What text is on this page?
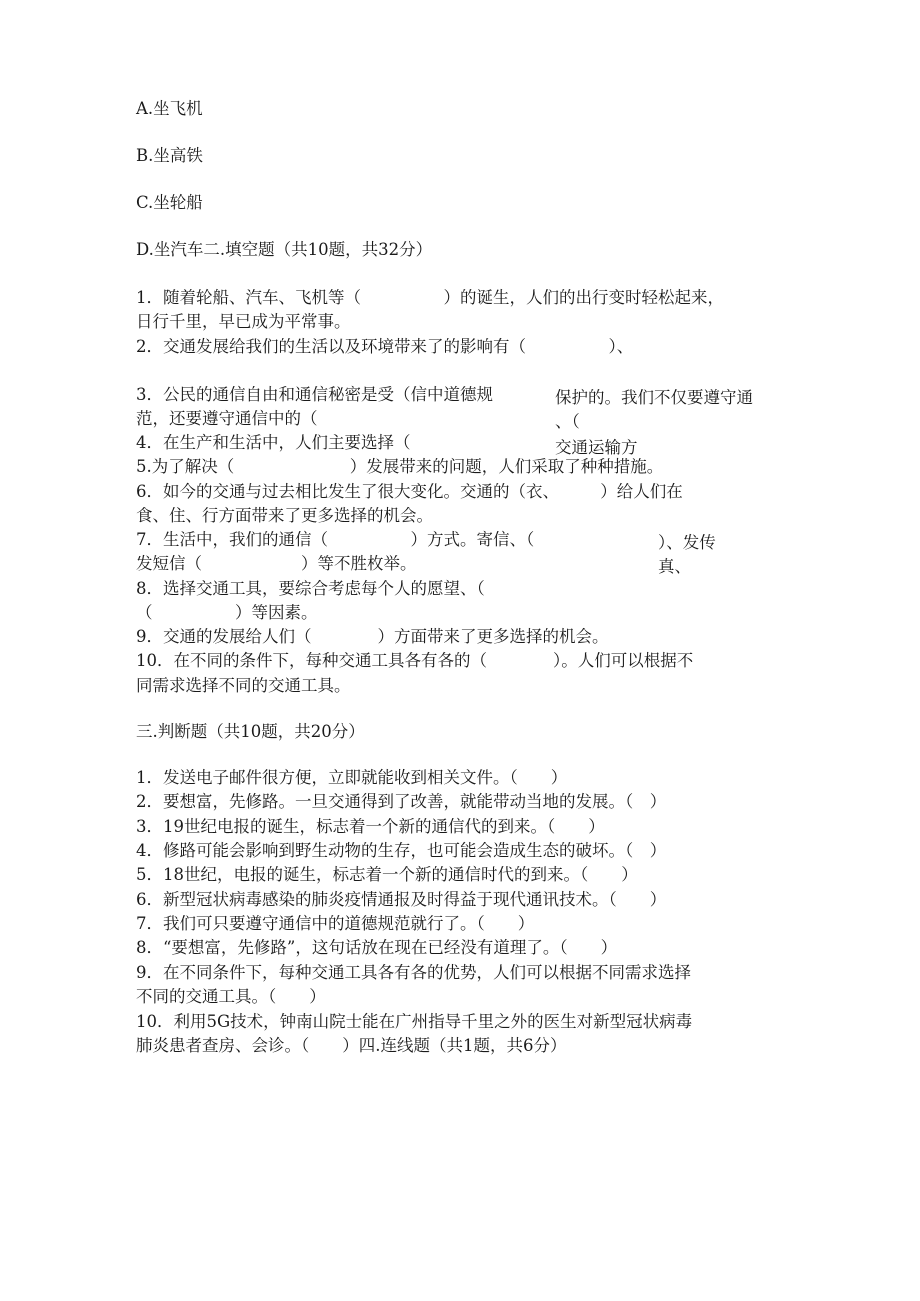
A.坐飞机
B.坐高铁
C.坐轮船
D.坐汽车二.填空题（共10题，共32分）
1．随着轮船、汽车、飞机等（　　　　　）的诞生，人们的出行变时轻松起来，
日行千里，早已成为平常事。
2．交通发展给我们的生活以及环境带来了的影响有（　　　　　）、
3．公民的通信自由和通信秘密是受（信中道德规
范，还要遵守通信中的（
保护的。我们不仅要遵守通
、（
4．在生产和生活中，人们主要选择（	交通运输方
5.为了解决（　　　　　　　）发展带来的问题，人们采取了种种措施。
6．如今的交通与过去相比发生了很大变化。交通的（衣、　　　）给人们在
食、住、行方面带来了更多选择的机会。
7．生活中，我们的通信（　　　　　）方式。寄信、（
发短信（　　　　　　）等不胜枚举。
）、发传
真、
8．选择交通工具，要综合考虑每个人的愿望、（
（　　　　　）等因素。
9．交通的发展给人们（　　　　）方面带来了更多选择的机会。
10．在不同的条件下，每种交通工具各有各的（　　　　）。人们可以根据不
同需求选择不同的交通工具。
三.判断题（共10题，共20分）
1．发送电子邮件很方便，立即就能收到相关文件。（　　）
2．要想富，先修路。一旦交通得到了改善，就能带动当地的发展。（　）
3．19世纪电报的诞生，标志着一个新的通信代的到来。（　　）
4．修路可能会影响到野生动物的生存，也可能会造成生态的破坏。（　）
5．18世纪，电报的诞生，标志着一个新的通信时代的到来。（　　）
6．新型冠状病毒感染的肺炎疫情通报及时得益于现代通讯技术。（　　）
7．我们可只要遵守通信中的道德规范就行了。（　　）
8．“要想富，先修路”，这句话放在现在已经没有道理了。（　　）
9．在不同条件下，每种交通工具各有各的优势，人们可以根据不同需求选择
不同的交通工具。（　　）
10．利用5G技术，钟南山院士能在广州指导千里之外的医生对新型冠状病毒
肺炎患者查房、会诊。（　　）四.连线题（共1题，共6分）
